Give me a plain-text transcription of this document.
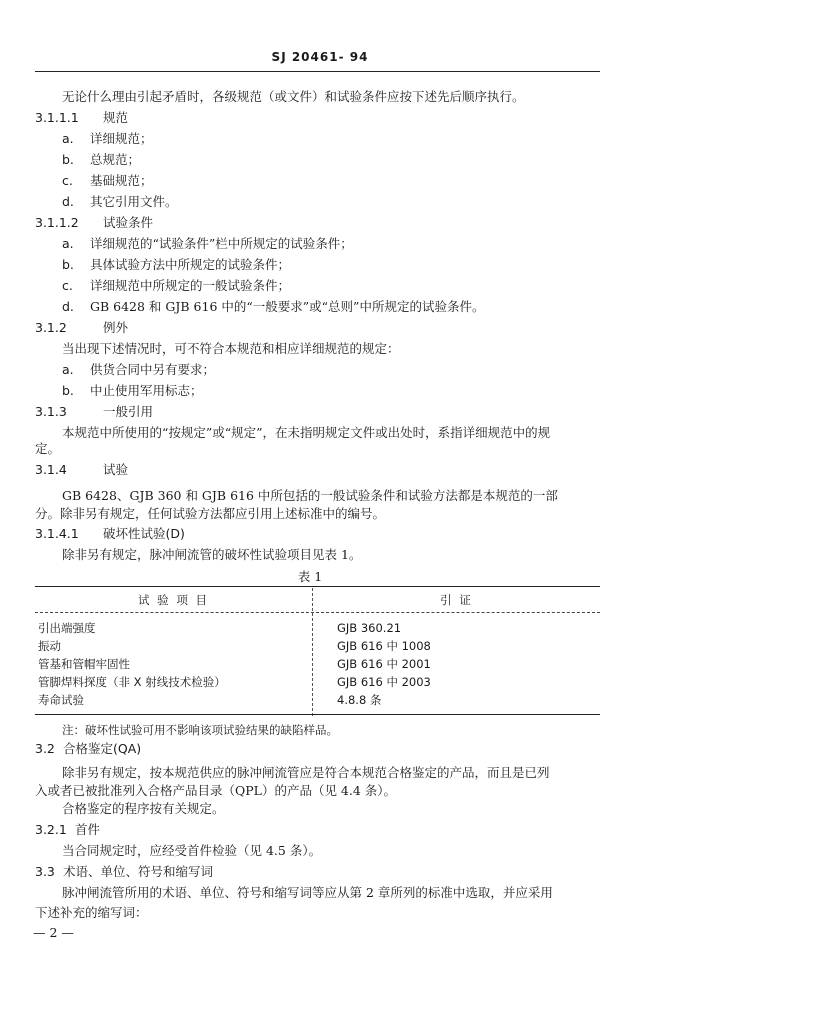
SJ 20461- 94
无论什么理由引起矛盾时，各级规范（或文件）和试验条件应按下述先后顺序执行。
3.1.1.1 规范
a. 详细规范；
b. 总规范；
c. 基础规范；
d. 其它引用文件。
3.1.1.2 试验条件
a. 详细规范的“试验条件”栏中所规定的试验条件；
b. 具体试验方法中所规定的试验条件；
c. 详细规范中所规定的一般试验条件；
d. GB 6428 和 GJB 616 中的“一般要求”或“总则”中所规定的试验条件。
3.1.2	例外
当出现下述情况时，可不符合本规范和相应详细规范的规定：
a. 供货合同中另有要求；
b. 中止使用军用标志；
3.1.3	一般引用
本规范中所使用的“按规定”或“规定”，在未指明规定文件或出处时，系指详细规范中的规
定。
3.1.4	试验
GB 6428、GJB 360 和 GJB 616 中所包括的一般试验条件和试验方法都是本规范的一部
分。除非另有规定，任何试验方法都应引用上述标准中的编号。
3.1.4.1 破坏性试验(D)
除非另有规定，脉冲闸流管的破坏性试验项目见表 1。
表 1
试 验 项 目	引 证
引出端强度	GJB 360.21
振动	GJB 616 中 1008
管基和管帽牢固性	GJB 616 中 2001
管脚焊料探度（非 X 射线技术检验）	GJB 616 中 2003
寿命试验	4.8.8 条
注：破坏性试验可用不影响该项试验结果的缺陷样品。
3.2 合格鉴定(QA)
除非另有规定，按本规范供应的脉冲闸流管应是符合本规范合格鉴定的产品，而且是已列
入或者已被批准列入合格产品目录（QPL）的产品（见 4.4 条）。
合格鉴定的程序按有关规定。
3.2.1 首件
当合同规定时，应经受首件检验（见 4.5 条）。
3.3 术语、单位、符号和缩写词
脉冲闸流管所用的术语、单位、符号和缩写词等应从第 2 章所列的标准中选取，并应采用
下述补充的缩写词：
— 2 —
